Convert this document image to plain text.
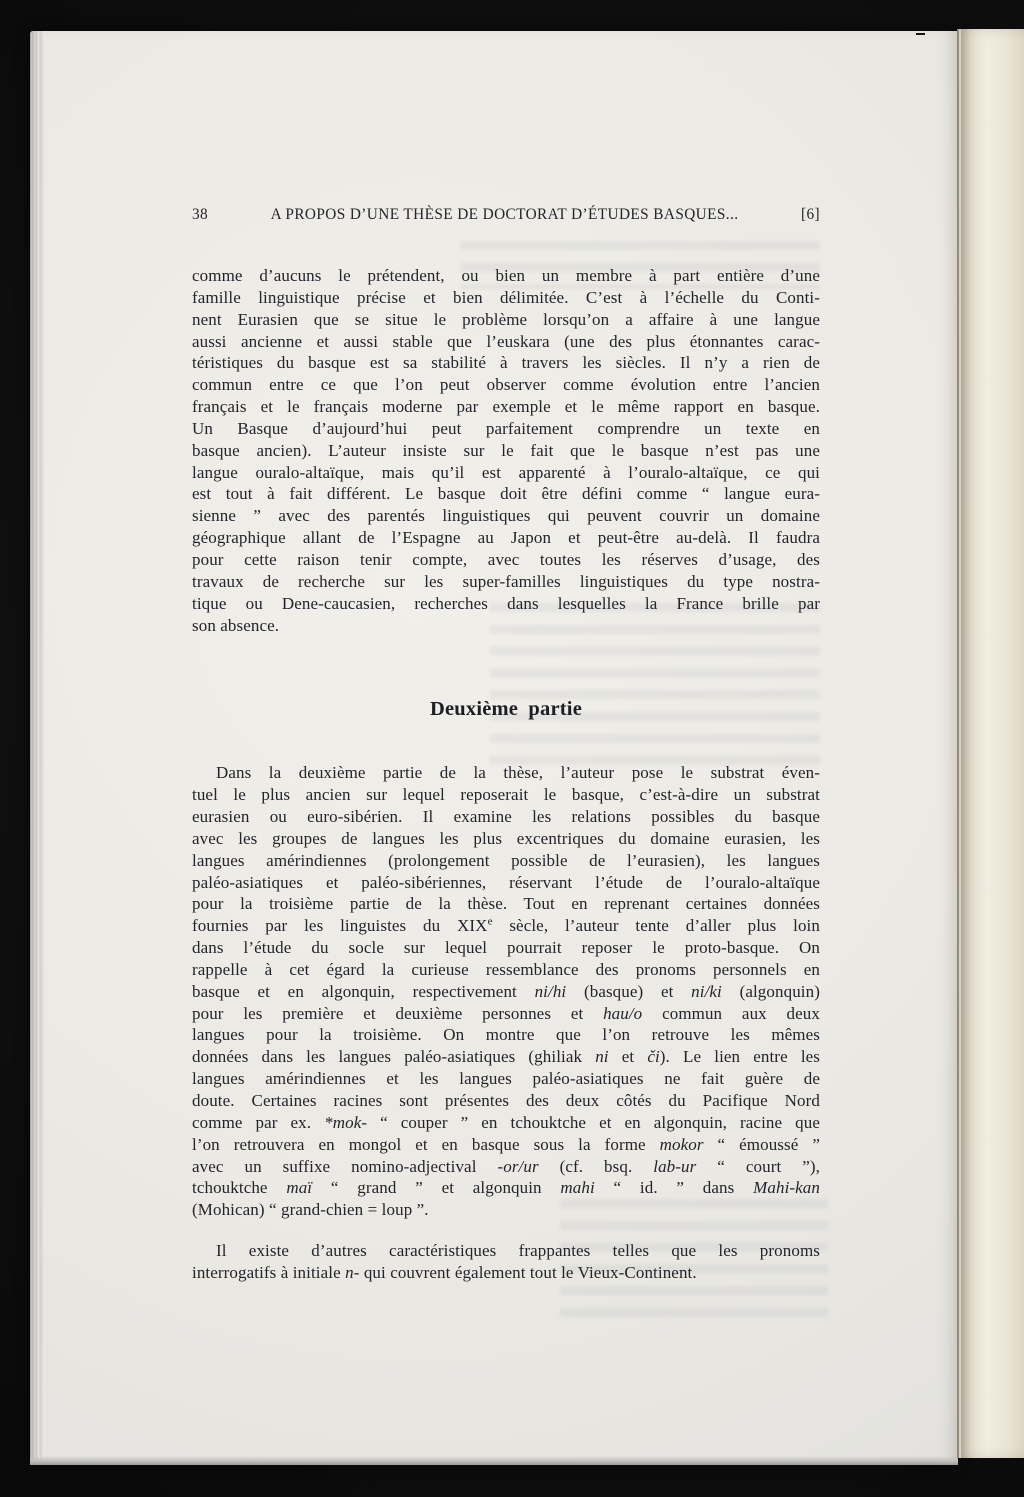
38	A PROPOS D’UNE THÈSE DE DOCTORAT D’ÉTUDES BASQUES...	[6]
comme d’aucuns le prétendent, ou bien un membre à part entière d’une
famille linguistique précise et bien délimitée. C’est à l’échelle du Conti-
nent Eurasien que se situe le problème lorsqu’on a affaire à une langue
aussi ancienne et aussi stable que l’euskara (une des plus étonnantes carac-
téristiques du basque est sa stabilité à travers les siècles. Il n’y a rien de
commun entre ce que l’on peut observer comme évolution entre l’ancien
français et le français moderne par exemple et le même rapport en basque.
Un Basque d’aujourd’hui peut parfaitement comprendre un texte en
basque ancien). L’auteur insiste sur le fait que le basque n’est pas une
langue ouralo-altaïque, mais qu’il est apparenté à l’ouralo-altaïque, ce qui
est tout à fait différent. Le basque doit être défini comme “ langue eura-
sienne ” avec des parentés linguistiques qui peuvent couvrir un domaine
géographique allant de l’Espagne au Japon et peut-être au-delà. Il faudra
pour cette raison tenir compte, avec toutes les réserves d’usage, des
travaux de recherche sur les super-familles linguistiques du type nostra-
tique ou Dene-caucasien, recherches dans lesquelles la France brille par
son absence.
Deuxième partie
Dans la deuxième partie de la thèse, l’auteur pose le substrat éven-
tuel le plus ancien sur lequel reposerait le basque, c’est-à-dire un substrat
eurasien ou euro-sibérien. Il examine les relations possibles du basque
avec les groupes de langues les plus excentriques du domaine eurasien, les
langues amérindiennes (prolongement possible de l’eurasien), les langues
paléo-asiatiques et paléo-sibériennes, réservant l’étude de l’ouralo-altaïque
pour la troisième partie de la thèse. Tout en reprenant certaines données
fournies par les linguistes du XIXe sècle, l’auteur tente d’aller plus loin
dans l’étude du socle sur lequel pourrait reposer le proto-basque. On
rappelle à cet égard la curieuse ressemblance des pronoms personnels en
basque et en algonquin, respectivement ni/hi (basque) et ni/ki (algonquin)
pour les première et deuxième personnes et hau/o commun aux deux
langues pour la troisième. On montre que l’on retrouve les mêmes
données dans les langues paléo-asiatiques (ghiliak ni et či). Le lien entre les
langues amérindiennes et les langues paléo-asiatiques ne fait guère de
doute. Certaines racines sont présentes des deux côtés du Pacifique Nord
comme par ex. *mok- “ couper ” en tchouktche et en algonquin, racine que
l’on retrouvera en mongol et en basque sous la forme mokor “ émoussé ”
avec un suffixe nomino-adjectival -or/ur (cf. bsq. lab-ur “ court ”),
tchouktche maï “ grand ” et algonquin mahi “ id. ” dans Mahi-kan
(Mohican) “ grand-chien = loup ”.
Il existe d’autres caractéristiques frappantes telles que les pronoms
interrogatifs à initiale n- qui couvrent également tout le Vieux-Continent.
